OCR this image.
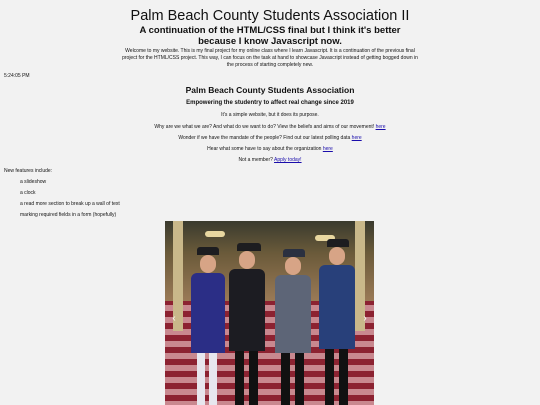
Palm Beach County Students Association II
A continuation of the HTML/CSS final but I think it's better because I know Javascript now.
Welcome to my website. This is my final project for my online class where I learn Javascript. It is a continuation of the previous final project for the HTML/CSS project. This way, I can focus on the task at hand to showcase Javascript instead of getting bogged down in the process of starting completely new.
5:24:05 PM
Palm Beach County Students Association
Empowering the studentry to affect real change since 2019
It's a simple website, but it does its purpose.
Why are we what we are? And what do we want to do? View the beliefs and aims of our movement! here
Wonder if we have the mandate of the people? Find out our latest polling data here
Hear what some have to say about the organization here
Not a member? Apply today!
New features include:
a slideshow
a clock
a read more section to break up a wall of text
marking required fields in a form (hopefully)
‹	›
